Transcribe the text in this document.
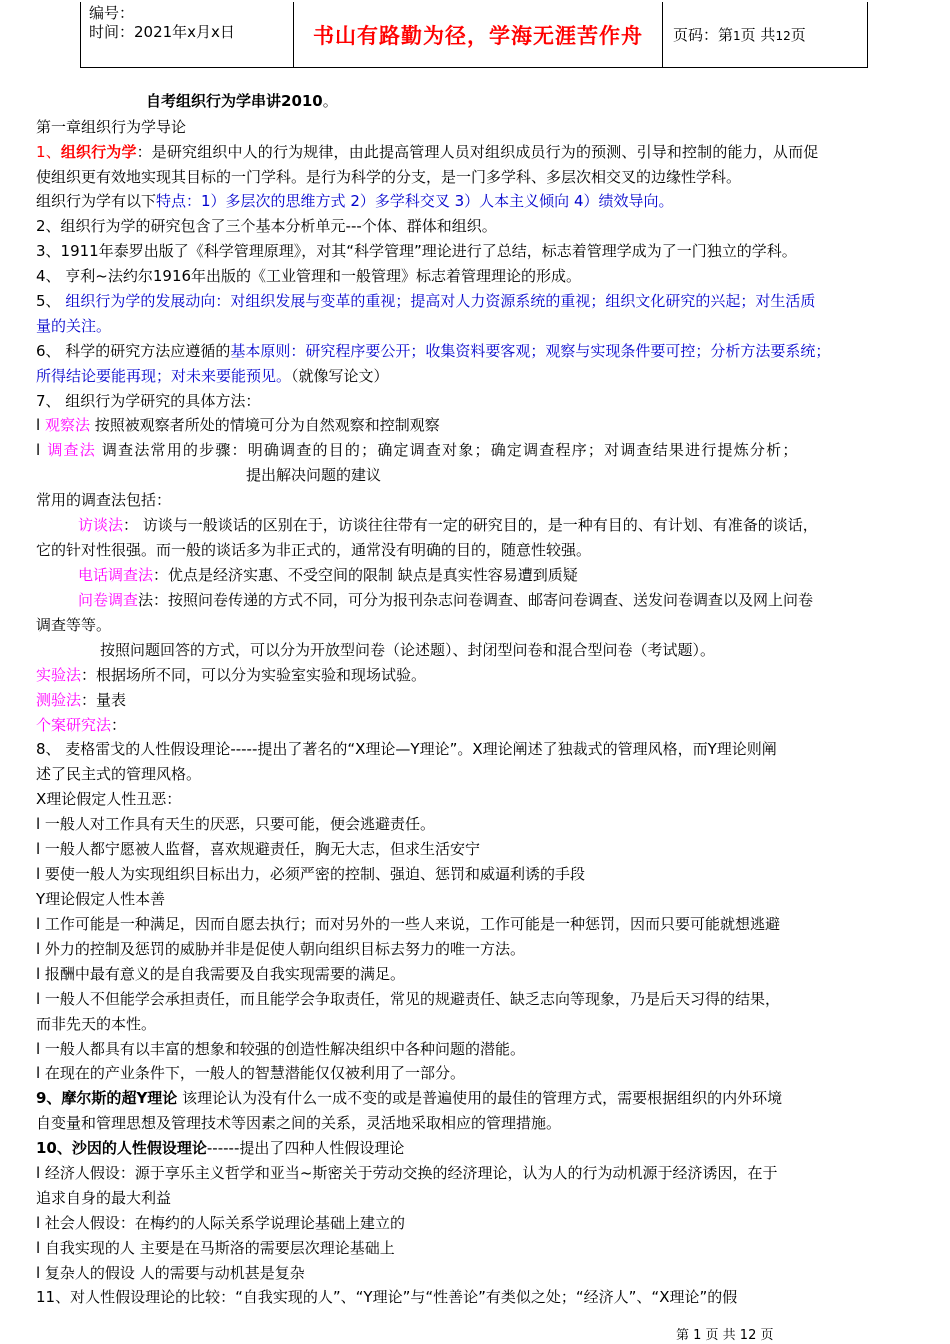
编号：
时间：2021年x月x日	书山有路勤为径，学海无涯苦作舟	页码：第1页 共12页
自考组织行为学串讲2010。
第一章组织行为学导论
1、组织行为学：是研究组织中人的行为规律，由此提高管理人员对组织成员行为的预测、引导和控制的能力，从而促
使组织更有效地实现其目标的一门学科。是行为科学的分支，是一门多学科、多层次相交叉的边缘性学科。
组织行为学有以下特点：1）多层次的思维方式 2）多学科交叉 3）人本主义倾向 4）绩效导向。
2、组织行为学的研究包含了三个基本分析单元---个体、群体和组织。
3、1911年泰罗出版了《科学管理原理》，对其“科学管理”理论进行了总结，标志着管理学成为了一门独立的学科。
4、 亨利~法约尔1916年出版的《工业管理和一般管理》标志着管理理论的形成。
5、 组织行为学的发展动向：对组织发展与变革的重视；提高对人力资源系统的重视；组织文化研究的兴起；对生活质
量的关注。
6、 科学的研究方法应遵循的基本原则：研究程序要公开；收集资料要客观；观察与实现条件要可控；分析方法要系统；
所得结论要能再现；对未来要能预见。（就像写论文）
7、 组织行为学研究的具体方法：
l 观察法 按照被观察者所处的情境可分为自然观察和控制观察
l 调查法 调查法常用的步骤：明确调查的目的；确定调查对象；确定调查程序；对调查结果进行提炼分析；
提出解决问题的建议
常用的调查法包括：
访谈法： 访谈与一般谈话的区别在于，访谈往往带有一定的研究目的，是一种有目的、有计划、有准备的谈话，
它的针对性很强。而一般的谈话多为非正式的，通常没有明确的目的，随意性较强。
电话调查法：优点是经济实惠、不受空间的限制 缺点是真实性容易遭到质疑
问卷调查法：按照问卷传递的方式不同，可分为报刊杂志问卷调查、邮寄问卷调查、送发问卷调查以及网上问卷
调查等等。
按照问题回答的方式，可以分为开放型问卷（论述题）、封闭型问卷和混合型问卷（考试题）。
实验法：根据场所不同，可以分为实验室实验和现场试验。
测验法：量表
个案研究法：
8、 麦格雷戈的人性假设理论-----提出了著名的“X理论—Y理论”。X理论阐述了独裁式的管理风格，而Y理论则阐
述了民主式的管理风格。
X理论假定人性丑恶：
l 一般人对工作具有天生的厌恶，只要可能，便会逃避责任。
l 一般人都宁愿被人监督，喜欢规避责任，胸无大志，但求生活安宁
l 要使一般人为实现组织目标出力，必须严密的控制、强迫、惩罚和威逼利诱的手段
Y理论假定人性本善
l 工作可能是一种满足，因而自愿去执行；而对另外的一些人来说，工作可能是一种惩罚，因而只要可能就想逃避
l 外力的控制及惩罚的威胁并非是促使人朝向组织目标去努力的唯一方法。
l 报酬中最有意义的是自我需要及自我实现需要的满足。
l 一般人不但能学会承担责任，而且能学会争取责任，常见的规避责任、缺乏志向等现象，乃是后天习得的结果，
而非先天的本性。
l 一般人都具有以丰富的想象和较强的创造性解决组织中各种问题的潜能。
l 在现在的产业条件下，一般人的智慧潜能仅仅被利用了一部分。
9、摩尔斯的超Y理论 该理论认为没有什么一成不变的或是普遍使用的最佳的管理方式，需要根据组织的内外环境
自变量和管理思想及管理技术等因素之间的关系，灵活地采取相应的管理措施。
10、沙因的人性假设理论------提出了四种人性假设理论
l 经济人假设：源于享乐主义哲学和亚当~斯密关于劳动交换的经济理论，认为人的行为动机源于经济诱因，在于
追求自身的最大利益
l 社会人假设：在梅约的人际关系学说理论基础上建立的
l 自我实现的人 主要是在马斯洛的需要层次理论基础上
l 复杂人的假设 人的需要与动机甚是复杂
11、对人性假设理论的比较：“自我实现的人”、“Y理论”与“性善论”有类似之处；“经济人”、“X理论”的假
第 1 页 共 12 页
